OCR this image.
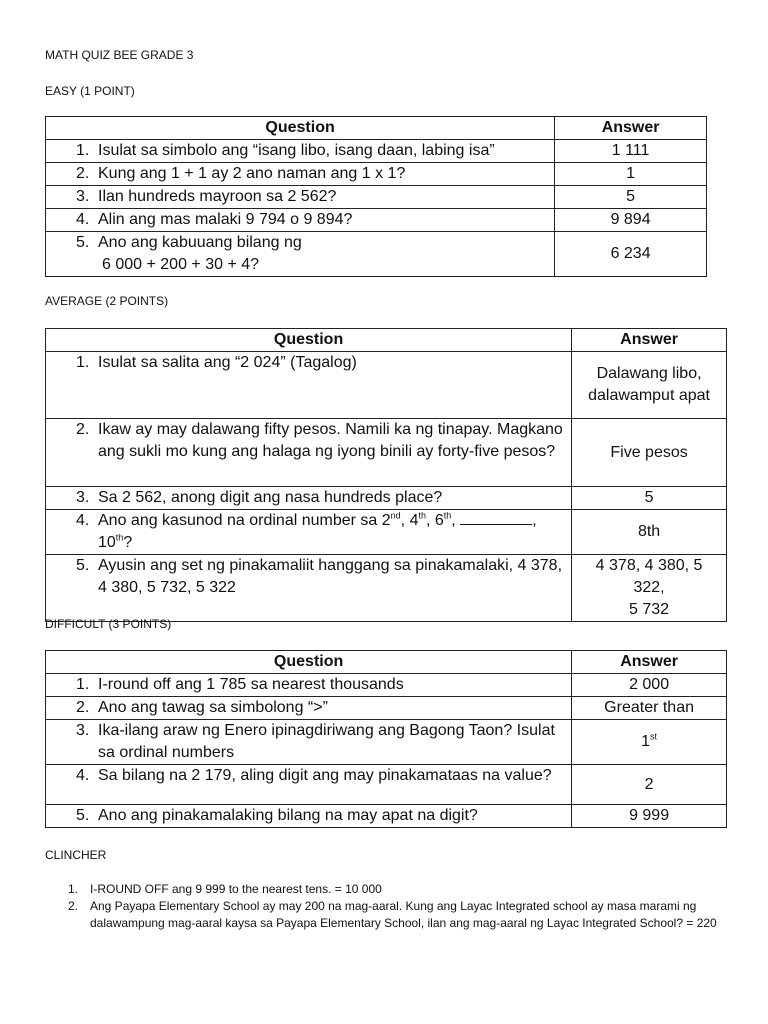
MATH QUIZ BEE GRADE 3
EASY (1 POINT)
Question	Answer

1. Isulat sa simbolo ang “isang libo, isang daan, labing isa”	1 111

2. Kung ang 1 + 1 ay 2 ano naman ang 1 x 1?	1

3. Ilan hundreds mayroon sa 2 562?	5

4. Alin ang mas malaki 9 794 o 9 894?	9 894

5. Ano ang kabuuang bilang ng
6 000 + 200 + 30 + 4?	6 234
AVERAGE (2 POINTS)
Question	Answer

1. Isulat sa salita ang “2 024” (Tagalog)	Dalawang libo,
dalawamput apat

2. Ikaw ay may dalawang fifty pesos. Namili ka ng tinapay. Magkano
ang sukli mo kung ang halaga ng iyong binili ay forty-five pesos?	Five pesos

3. Sa 2 562, anong digit ang nasa hundreds place?	5

4. Ano ang kasunod na ordinal number sa 2nd, 4th, 6th, ,
10th?	8th

5. Ayusin ang set ng pinakamaliit hanggang sa pinakamalaki, 4 378,
4 380, 5 732, 5 322	4 378, 4 380, 5 322,
5 732
DIFFICULT (3 POINTS)
Question	Answer

1. I-round off ang 1 785 sa nearest thousands	2 000

2. Ano ang tawag sa simbolong “>”	Greater than

3. Ika-ilang araw ng Enero ipinagdiriwang ang Bagong Taon? Isulat
sa ordinal numbers	1st

4. Sa bilang na 2 179, aling digit ang may pinakamataas na value?	2

5. Ano ang pinakamalaking bilang na may apat na digit?	9 999
CLINCHER
1. I-ROUND OFF ang 9 999 to the nearest tens. = 10 000
2. Ang Payapa Elementary School ay may 200 na mag-aaral. Kung ang Layac Integrated school ay masa marami ng dalawampung mag-aaral kaysa sa Payapa Elementary School, ilan ang mag-aaral ng Layac Integrated School? = 220
